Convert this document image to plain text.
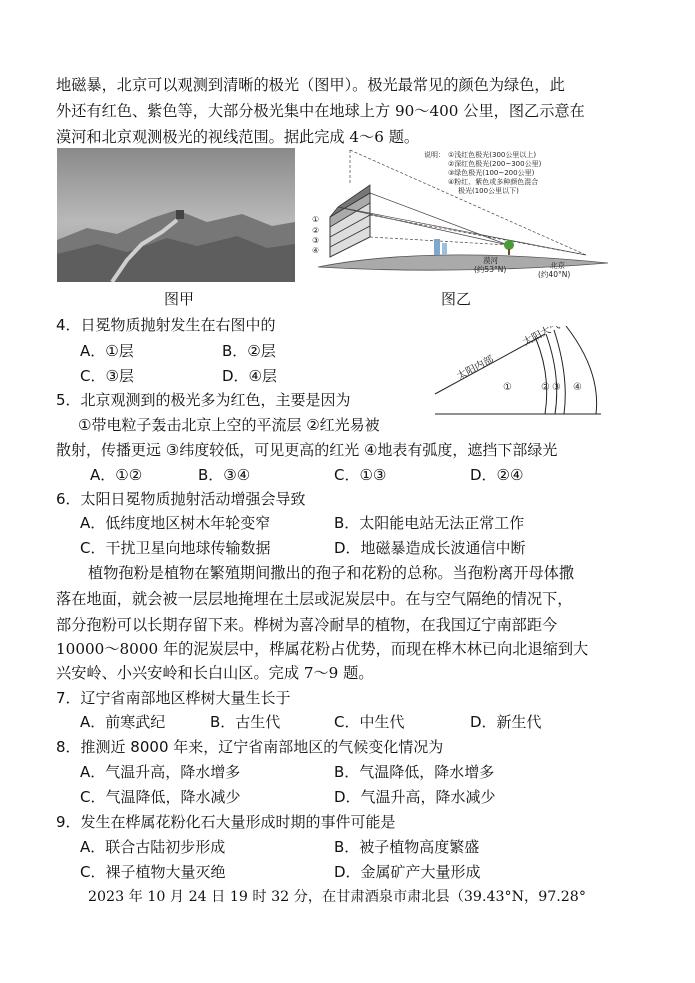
地磁暴，北京可以观测到清晰的极光（图甲）。极光最常见的颜色为绿色，此
外还有红色、紫色等，大部分极光集中在地球上方 90～400 公里，图乙示意在
漠河和北京观测极光的视线范围。据此完成 4～6 题。
图甲
①
②
③
④
漠河
(约53°N)	北京
(约40°N)
说明： ①浅红色极光(300公里以上)
②深红色极光(200~300公里)
③绿色极光(100~200公里)
④粉红、紫色或多种颜色混合
极光(100公里以下)
图乙
太阳内部
太阳大气
①	② ③ ④
4．日冕物质抛射发生在右图中的
A．①层	B．②层
C．③层	D．④层
5．北京观测到的极光多为红色，主要是因为
①带电粒子轰击北京上空的平流层 ②红光易被
散射，传播更远 ③纬度较低，可见更高的红光 ④地表有弧度，遮挡下部绿光
A．①②	B．③④	C．①③	D．②④
6．太阳日冕物质抛射活动增强会导致
A．低纬度地区树木年轮变窄	B．太阳能电站无法正常工作
C．干扰卫星向地球传输数据	D．地磁暴造成长波通信中断
植物孢粉是植物在繁殖期间撒出的孢子和花粉的总称。当孢粉离开母体撒
落在地面，就会被一层层地掩埋在土层或泥炭层中。在与空气隔绝的情况下，
部分孢粉可以长期存留下来。桦树为喜冷耐旱的植物，在我国辽宁南部距今
10000～8000 年的泥炭层中，桦属花粉占优势，而现在桦木林已向北退缩到大
兴安岭、小兴安岭和长白山区。完成 7～9 题。
7．辽宁省南部地区桦树大量生长于
A．前寒武纪	B．古生代	C．中生代	D．新生代
8．推测近 8000 年来，辽宁省南部地区的气候变化情况为
A．气温升高，降水增多	B．气温降低，降水增多
C．气温降低，降水减少	D．气温升高，降水减少
9．发生在桦属花粉化石大量形成时期的事件可能是
A．联合古陆初步形成	B．被子植物高度繁盛
C．裸子植物大量灭绝	D．金属矿产大量形成
2023 年 10 月 24 日 19 时 32 分，在甘肃酒泉市肃北县（39.43°N，97.28°
